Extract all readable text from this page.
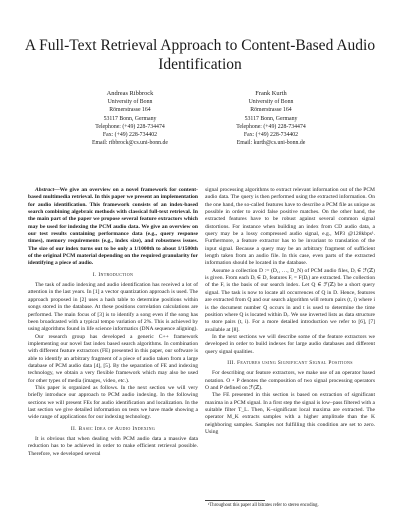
A Full-Text Retrieval Approach to Content-Based Audio Identification
Andreas Ribbrock
University of Bonn
Römerstrasse 164
53117 Bonn, Germany
Telephone: (+49) 228-734474
Fax: (+49) 228-734402
Email: ribbrock@cs.uni-bonn.de
Frank Kurth
University of Bonn
Römerstrasse 164
53117 Bonn, Germany
Telephone: (+49) 228-734474
Fax: (+49) 228-734402
Email: kurth@cs.uni-bonn.de

Abstract—We give an overview on a novel framework for content-based multimedia retrieval. In this paper we present an implementation for audio identification. This framework consists of an index-based search combining algebraic methods with classical full-text retrieval. In the main part of the paper we propose several feature extractors which may be used for indexing the PCM audio data. We give an overview on our test results containing performance data (e.g., query response times), memory requirements (e.g., index size), and robustness issues. The size of our index turns out to be only a 1/1000th to about 1/1500th of the original PCM material depending on the required granularity for identifying a piece of audio.

I. Introduction

The task of audio indexing and audio identification has received a lot of attention in the last years. In [1] a vector quantization approach is used. The approach proposed in [2] uses a hash table to determine positions within songs stored in the database. At these positions correlation calculations are performed. The main focus of [3] is to identify a song even if the song has been broadcasted with a typical tempo variation of 2%. This is achieved by using algorithms found in life science informatics (DNA sequence aligning).

Our research group has developed a generic C++ framework implementing our novel fast index based search algorithms. In combination with different feature extractors (FE) presented in this paper, our software is able to identify an arbitrary fragment of a piece of audio taken from a large database of PCM audio data [4], [5]. By the separation of FE and indexing technology, we obtain a very flexible framework which may also be used for other types of media (images, video, etc.).

This paper is organized as follows. In the next section we will very briefly introduce our approach to PCM audio indexing. In the following sections we will present FEs for audio identification and localization. In the last section we give detailed information on tests we have made showing a wide range of applications for our indexing technology.

II. Basic Idea of Audio Indexing

It is obvious that when dealing with PCM audio data a massive data reduction has to be achieved in order to make efficient retrieval possible. Therefore, we developed several

signal processing algorithms to extract relevant information out of the PCM audio data. The query is then performed using the extracted information. On the one hand, the so-called features have to describe a PCM file as unique as possible in order to avoid false positive matches. On the other hand, the extracted features have to be robust against several common signal distortions. For instance when building an index from CD audio data, a query may be a lossy compressed audio signal, e.g., MP3 @128kbps¹. Furthermore, a feature extractor has to be invariant to translation of the input signal. Because a query may be an arbitrary fragment of sufficient length taken from an audio file. In this case, even parts of the extracted information should be located in the database.

Assume a collection D := (D₁, …, D_N) of PCM audio files, Dᵢ ∈ ℱ(ℤ) is given. From each Dᵢ ∈ D, features Fᵢ = F(Dᵢ) are extracted. The collection of the Fᵢ is the basis of our search index. Let Q ∈ ℱ(ℤ) be a short query signal. The task is now to locate all occurrences of Q in D. Hence, features are extracted from Q and our search algorithm will return pairs (t, i) where i is the document number Q occurs in and t is used to determine the time position where Q is located within Dᵢ. We use inverted lists as data structure to store pairs (t, i). For a more detailed introduction we refer to [6], [7] available at [8].

In the next sections we will describe some of the feature extractors we developed in order to build indexes for large audio databases and different query signal qualities.

III. Features using Significant Signal Positions

For describing our feature extractors, we make use of an operator based notation. O ∘ P denotes the composition of two signal processing operators O and P defined on ℱ(ℤ).

The FE presented in this section is based on extraction of significant maxima in a PCM signal. In a first step the signal is low–pass filtered with a suitable filter T_L. Then, K–significant local maxima are extracted. The operator M_K extracts samples with a higher amplitude than the K neighboring samples. Samples not fulfilling this condition are set to zero. Using

¹Throughout this paper all bitrates refer to stereo encoding.
